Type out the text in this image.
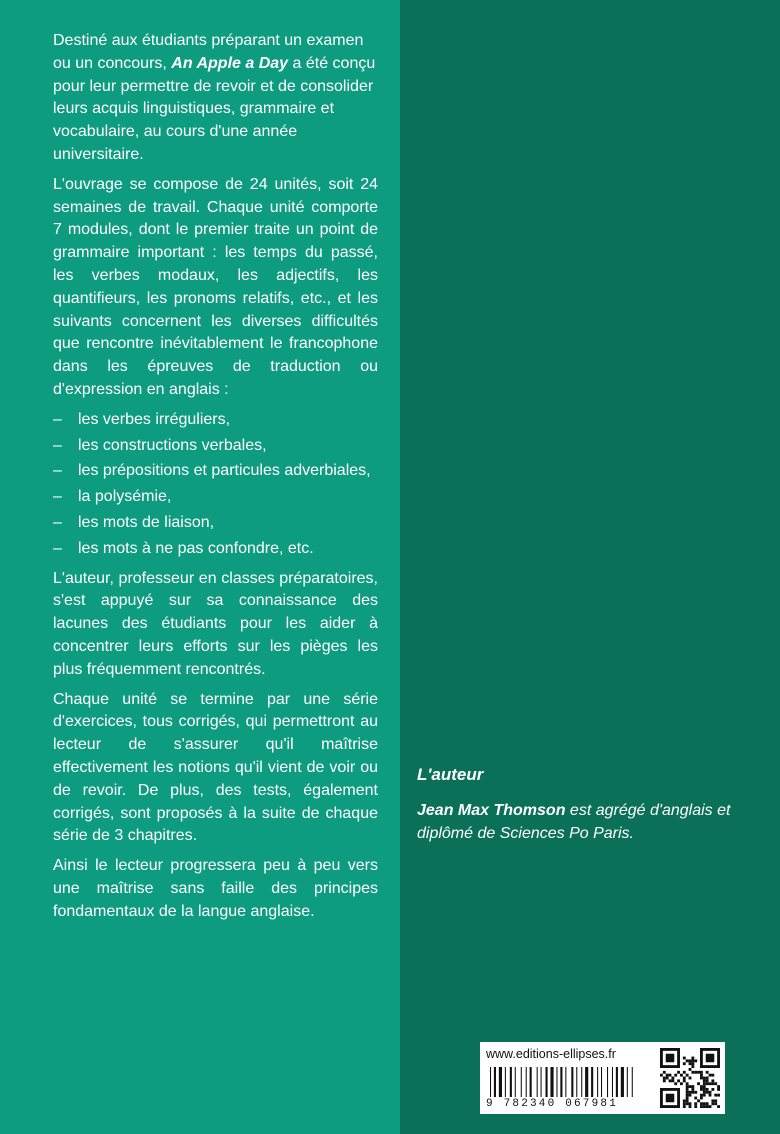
Destiné aux étudiants préparant un examen ou un concours, An Apple a Day a été conçu pour leur permettre de revoir et de consolider leurs acquis linguistiques, grammaire et vocabulaire, au cours d'une année universitaire.

L'ouvrage se compose de 24 unités, soit 24 semaines de travail. Chaque unité comporte 7 modules, dont le premier traite un point de grammaire important : les temps du passé, les verbes modaux, les adjectifs, les quantifieurs, les pronoms relatifs, etc., et les suivants concernent les diverses difficultés que rencontre inévitablement le francophone dans les épreuves de traduction ou d'expression en anglais :

– les verbes irréguliers,
– les constructions verbales,
– les prépositions et particules adverbiales,
– la polysémie,
– les mots de liaison,
– les mots à ne pas confondre, etc.

L'auteur, professeur en classes préparatoires, s'est appuyé sur sa connaissance des lacunes des étudiants pour les aider à concentrer leurs efforts sur les pièges les plus fréquemment rencontrés.

Chaque unité se termine par une série d'exercices, tous corrigés, qui permettront au lecteur de s'assurer qu'il maîtrise effectivement les notions qu'il vient de voir ou de revoir. De plus, des tests, également corrigés, sont proposés à la suite de chaque série de 3 chapitres.

Ainsi le lecteur progressera peu à peu vers une maîtrise sans faille des principes fondamentaux de la langue anglaise.

L'auteur

Jean Max Thomson est agrégé d'anglais et diplômé de Sciences Po Paris.

www.editions-ellipses.fr
9 782340 067981
